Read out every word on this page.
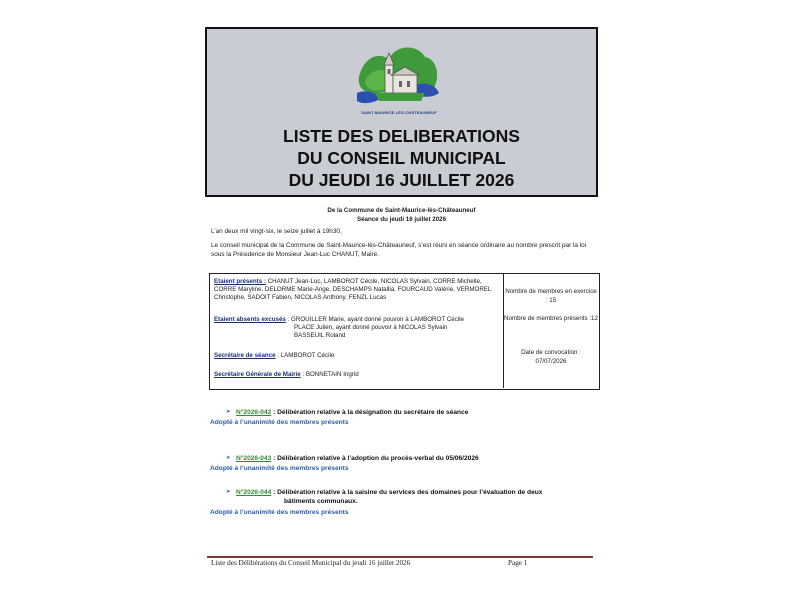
SAINT-MAURICE-LÈS-CHÂTEAUNEUF
LISTE DES DELIBERATIONS
DU CONSEIL MUNICIPAL
DU JEUDI 16 JUILLET 2026
De la Commune de Saint-Maurice-lès-Châteauneuf
Séance du jeudi 16 juillet 2026
L’an deux mil vingt-six, le seize juillet à 19h30,
Le conseil municipal de la Commune de Saint-Maurice-lès-Châteauneuf, s’est réuni en séance ordinaire au nombre prescrit par la loi sous la Présidence de Monsieur Jean-Luc CHANUT, Maire.
Etaient présents : CHANUT Jean-Luc, LAMBOROT Cécile, NICOLAS Sylvain, CORRE Michelle, CORRE Maryline, DELORME Marie-Ange, DESCHAMPS Natallia, FOURCAUD Valérie, VERMOREL Christophe, SADOIT Fabien, NICOLAS Anthony, FENZL Lucas
Etaient absents excusés : GROUILLER Marie, ayant donné pouvoir à LAMBOROT Cécile
PLACE Julien, ayant donné pouvoir à NICOLAS Sylvain
BASSEUIL Roland
Secrétaire de séance : LAMBOROT Cécile
Secrétaire Générale de Mairie : BONNETAIN Ingrid
Nombre de membres en exercice : 15
Nombre de membres présents :12
Date de convocation :
07/07/2026
➤ N°2026-042 : Délibération relative à la désignation du secrétaire de séance
Adopté à l’unanimité des membres présents
➤ N°2026-043 : Délibération relative à l’adoption du procès-verbal du 05/06/2026
Adopté à l’unanimité des membres présents
➤ N°2026-044 : Délibération relative à la saisine du services des domaines pour l’évaluation de deux
bâtiments communaux.
Adopté à l’unanimité des membres présents
Liste des Délibérations du Conseil Municipal du jeudi 16 juillet 2026	Page 1
